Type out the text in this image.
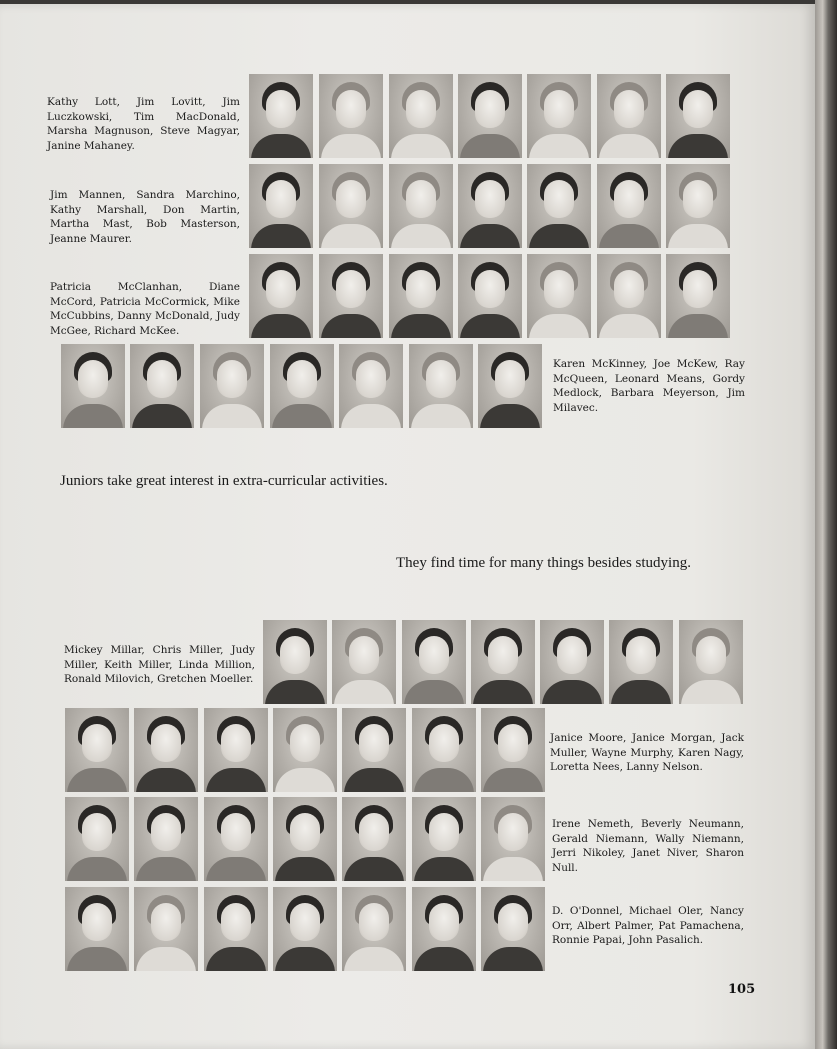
Kathy Lott, Jim Lovitt, Jim Luczkowski, Tim MacDonald, Marsha Magnuson, Steve Magyar, Janine Mahaney.

Jim Mannen, Sandra Marchino, Kathy Marshall, Don Martin, Martha Mast, Bob Masterson, Jeanne Maurer.

Patricia McClanhan, Diane McCord, Patricia McCormick, Mike McCubbins, Danny McDonald, Judy McGee, Richard McKee.

Karen McKinney, Joe McKew, Ray McQueen, Leonard Means, Gordy Medlock, Barbara Meyerson, Jim Milavec.

Juniors take great interest in extra-curricular activities.

They find time for many things besides studying.

Mickey Millar, Chris Miller, Judy Miller, Keith Miller, Linda Million, Ronald Milovich, Gretchen Moeller.

Janice Moore, Janice Morgan, Jack Muller, Wayne Murphy, Karen Nagy, Loretta Nees, Lanny Nelson.

Irene Nemeth, Beverly Neumann, Gerald Niemann, Wally Niemann, Jerri Nikoley, Janet Niver, Sharon Null.

D. O'Donnel, Michael Oler, Nancy Orr, Albert Palmer, Pat Pamachena, Ronnie Papai, John Pasalich.

105
